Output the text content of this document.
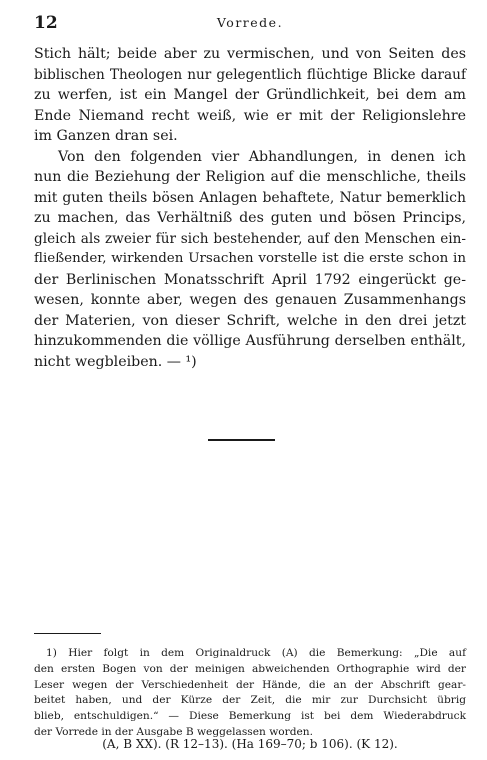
12	Vorrede.
Stich hält; beide aber zu vermischen, und von Seiten des
biblischen Theologen nur gelegentlich flüchtige Blicke darauf
zu werfen, ist ein Mangel der Gründlichkeit, bei dem am
Ende Niemand recht weiß, wie er mit der Religionslehre
im Ganzen dran sei.
Von den folgenden vier Abhandlungen, in denen ich
nun die Beziehung der Religion auf die menschliche, theils
mit guten theils bösen Anlagen behaftete, Natur bemerklich
zu machen, das Verhältniß des guten und bösen Princips,
gleich als zweier für sich bestehender, auf den Menschen ein-
fließender, wirkenden Ursachen vorstelle ist die erste schon in
der Berlinischen Monatsschrift April 1792 eingerückt ge-
wesen, konnte aber, wegen des genauen Zusammenhangs
der Materien, von dieser Schrift, welche in den drei jetzt
hinzukommenden die völlige Ausführung derselben enthält,
nicht wegbleiben. — ¹)
1) Hier folgt in dem Originaldruck (A) die Bemerkung: „Die auf
den ersten Bogen von der meinigen abweichenden Orthographie wird der
Leser wegen der Verschiedenheit der Hände, die an der Abschrift gear-
beitet haben, und der Kürze der Zeit, die mir zur Durchsicht übrig
blieb, entschuldigen.“ — Diese Bemerkung ist bei dem Wiederabdruck
der Vorrede in der Ausgabe B weggelassen worden.
(A, B XX). (R 12–13). (Ha 169–70; b 106). (K 12).
